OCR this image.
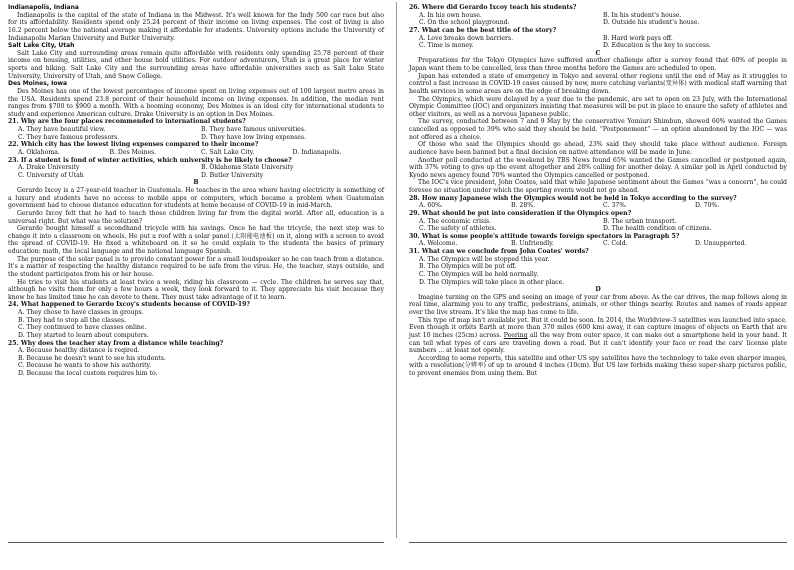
Indianapolis, Indiana

Indianapolis is the capital of the state of Indiana in the Midwest. It's well known for the Indy 500 car race but also for its affordability. Residents spend only 25.24 percent of their income on living expenses. The cost of living is also 16.2 percent below the national average making it affordable for students. University options include the University of Indianapolis Marian University and Butler University.

Salt Lake City, Utah

Salt Lake City and surrounding areas remain quite affordable with residents only spending 25.78 percent of their income on housing, utilities, and other house hold utilities. For outdoor adventurers, Utah is a great place for winter sports and hiking. Salt Lake City and the surrounding areas have affordable universities such as Salt Lake State University, University of Utah, and Snow College.

Des Moines, Iowa

Des Moines has one of the lowest percentages of income spent on living expenses out of 100 largest metro areas in the USA. Residents spend 23.8 percent of their household income on living expenses. In addition, the median rent ranges from $700 to $900 a month. With a booming economy, Des Moines is an ideal city for international students to study and experience American culture. Drake University is an option in Des Moines.

21. Why are the four places recommended to international students?

A. They have beautiful view.	B. They have famous universities.
C. They have famous professors.	D. They have low living expenses.

22. Which city has the lowest living expenses compared to their income?

A. Oklahoma.	B. Des Moines.	C. Salt Lake City.	D. Indianapolis.

23. If a student is fond of winter activities, which university is he likely to choose?

A. Drake University	B. Oklahoma State University
C. University of Utah	D. Butler University

B

Gerardo Ixcoy is a 27-year-old teacher in Guatemala. He teaches in the area where having electricity is something of a luxury and students have no access to mobile apps or computers, which became a problem when Guatemalan government had to choose distance education for students at home because of COVID-19 in mid-March.

Gerardo Ixcoy felt that he had to teach those children living far from the digital world. After all, education is a universal right. But what was the solution?

Gerardo bought himself a secondhand tricycle with his savings. Once he had the tricycle, the next step was to change it into a classroom on wheels. He put a roof with a solar panel (太阳能电池板) on it, along with a screen to avoid the spread of COVID-19. He fixed a whiteboard on it so he could explain to the students the basics of primary education: math, the local language and the national language Spanish.

The purpose of the solar panel is to provide constant power for a small loudspeaker so he can teach from a distance. It's a matter of respecting the healthy distance required to be safe from the virus. He, the teacher, stays outside, and the student participates from his or her house.

He tries to visit his students at least twice a week, riding his classroom — cycle. The children he serves say that, although he visits them for only a few hours a week, they look forward to it. They appreciate his visit because they know he has limited time he can devote to them. They must take advantage of it to learn.

24. What happened to Gerardo Ixcoy's students because of COVID-19?

A. They chose to have classes in groups.
B. They had to stop all the classes.
C. They continued to have classes online.
D. They started to learn about computers.

25. Why does the teacher stay from a distance while teaching?

A. Because healthy distance is reqired.
B. Because he doesn't want to see his students.
C. Because he wants to show his authority.
D. Because the local custom requires him to.

26. Where did Gerardo Ixcoy teach his students?

A. In his own house.	B. In his student's house.
C. On the school playground.	D. Outside his student's house.

27. What can be the best title of the story?

A. Love breaks down barriers.	B. Hard work pays off.
C. Time is money.	D. Education is the key to success.

C

Preparations for the Tokyo Olympics have suffered another challenge after a survey found that 60% of people in Japan want them to be cancelled, less than three months before the Games are scheduled to open.

Japan has extended a state of emergency in Tokyo and several other regions until the end of May as it struggles to control a fast increase in COVID-19 cases caused by new, more catching variants(变异体) with medical staff warning that health services in some areas are on the edge of breaking down.

The Olympics, which were delayed by a year due to the pandemic, are set to open on 23 July, with the International Olympic Committee (IOC) and organizers insisting that measures will be put in place to ensure the safety of athletes and other visitors, as well as a nervous Japanese public.

The survey, conducted between 7 and 9 May by the conservative Yomiuri Shimbun, showed 60% wanted the Games cancelled as opposed to 39% who said they should be held. “Postponement” — an option abandoned by the IOC — was not offered as a choice.

Of those who said the Olympics should go ahead, 23% said they should take place without audience. Foreign audience have been banned but a final decision on native attendance will be made in June.

Another poll conducted at the weekend by TBS News found 65% wanted the Games cancelled or postponed again, with 37% voting to give up the event altogether and 28% calling for another delay. A similar poll in April conducted by Kyodo news agency found 70% wanted the Olympics cancelled or postponed.

The IOC's vice president, John Coates, said that while Japanese sentiment about the Games “was a concern”, he could foresee no situation under which the sporting events would not go ahead.

28. How many Japanese wish the Olympics would not be held in Tokyo according to the survey?

A. 60%.	B. 28%.	C. 37%.	D. 70%.

29. What should be put into consideration if the Olympics open?

A. The economic crisis.	B. The urban transport.
C. The safety of athletes.	D. The health condition of citizens.

30. What is some people's attitude towards foreign spectators in Paragraph 5?

A. Welcome.	B. Unfriendly.	C. Cold.	D. Unsupported.

31. What can we conclude from John Coates' words?

A. The Olympics will be stopped this year.
B. The Olympics will be put off.
C. The Olympics will be held normally.
D. The Olympics will take place in other place.

D

Imagine turning on the GPS and seeing an image of your car from above. As the car drives, the map follows along in real time, alarming you to any traffic, pedestrians, animals, or other things nearby. Routes and names of roads appear over the live stream. It's like the map has come to life.

This type of map isn't available yet. But it could be soon. In 2014, the Worldview-3 satellites was launched into space. Even though it orbits Earth at more than 370 miles (600 km) away, it can capture images of objects on Earth that are just 10 inches (25cm) across. Peering all the way from outer space, it can make out a smartphone held in your hand. It can tell what types of cars are traveling down a road. But it can't identify your face or read the cars' license plate numbers ... at least not openly.

According to some reports, this satellite and other US spy satellites have the technology to take even sharper images, with a resolution(分辨率) of up to around 4 inches (10cm). But US law forbids making these super-sharp pictures public, to prevent enemies from using them. But
